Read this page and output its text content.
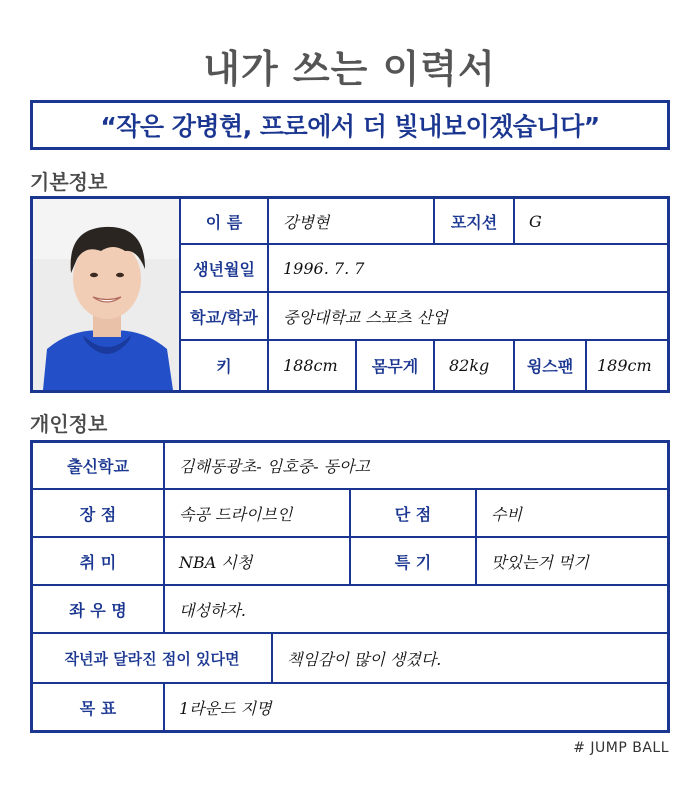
내가 쓰는 이력서
“작은 강병현, 프로에서 더 빛내보이겠습니다”
기본정보
이 름	강병현	포지션	G
생년월일	1996. 7. 7
학교/학과	중앙대학교 스포츠 산업
키	188cm	몸무게	82kg	윙스팬	189cm
개인정보
출신학교	김해동광초- 임호중- 동아고
장 점	속공 드라이브인	단 점	수비
취 미	NBA 시청	특 기	맛있는거 먹기
좌 우 명	대성하자.
작년과 달라진 점이 있다면	책임감이 많이 생겼다.
목 표	1라운드 지명
# JUMP BALL
